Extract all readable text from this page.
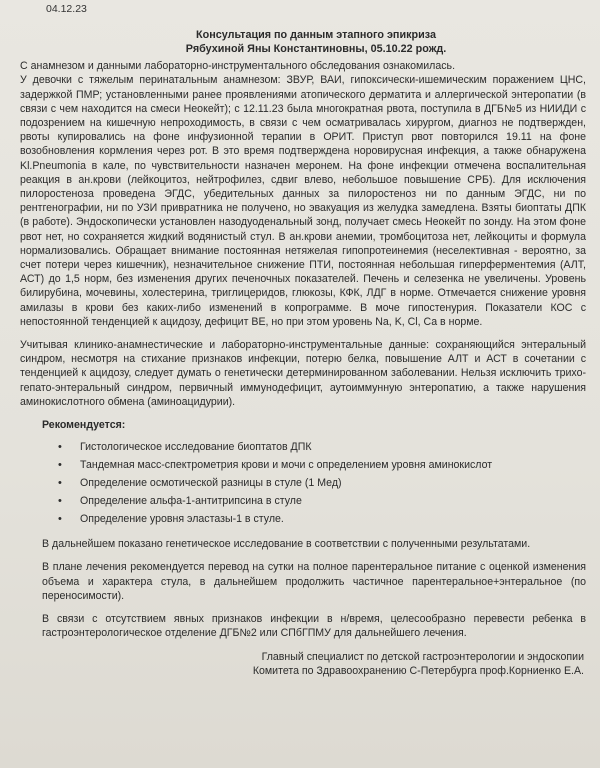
04.12.23

Консультация по данным этапного эпикриза

Рябухиной Яны Константиновны, 05.10.22 рожд.

С анамнезом и данными лабораторно-инструментального обследования ознакомилась.

У девочки с тяжелым перинатальным анамнезом: ЗВУР, ВАИ, гипоксически-ишемическим поражением ЦНС, задержкой ПМР; установленными ранее проявлениями атопического дерматита и аллергической энтеропатии (в связи с чем находится на смеси Неокейт); с 12.11.23 была многократная рвота, поступила в ДГБ№5 из НИИДИ с подозрением на кишечную непроходимость, в связи с чем осматривалась хирургом, диагноз не подтвержден, рвоты купировались на фоне инфузионной терапии в ОРИТ. Приступ рвот повторился 19.11 на фоне возобновления кормления через рот. В это время подтверждена норовирусная инфекция, а также обнаружена Kl.Pneumonia в кале, по чувствительности назначен меронем. На фоне инфекции отмечена воспалительная реакция в ан.крови (лейкоцитоз, нейтрофилез, сдвиг влево, небольшое повышение СРБ). Для исключения пилоростеноза проведена ЭГДС, убедительных данных за пилоростеноз ни по данным ЭГДС, ни по рентгенографии, ни по УЗИ привратника не получено, но эвакуация из желудка замедлена. Взяты биоптаты ДПК (в работе). Эндоскопически установлен назодуоденальный зонд, получает смесь Неокейт по зонду. На этом фоне рвот нет, но сохраняется жидкий водянистый стул. В ан.крови анемии, тромбоцитоза нет, лейкоциты и формула нормализовались. Обращает внимание постоянная нетяжелая гипопротеинемия (неселективная - вероятно, за счет потери через кишечник), незначительное снижение ПТИ, постоянная небольшая гиперферментемия (АЛТ, АСТ) до 1,5 норм, без изменения других печеночных показателей. Печень и селезенка не увеличены. Уровень билирубина, мочевины, холестерина, триглицеридов, глюкозы, КФК, ЛДГ в норме. Отмечается снижение уровня амилазы в крови без каких-либо изменений в копрограмме. В моче гипостенурия. Показатели КОС с непостоянной тенденцией к ацидозу, дефицит ВЕ, но при этом уровень Na, K, Cl, Ca в норме.

Учитывая клинико-анамнестические и лабораторно-инструментальные данные: сохраняющийся энтеральный синдром, несмотря на стихание признаков инфекции, потерю белка, повышение АЛТ и АСТ в сочетании с тенденцией к ацидозу, следует думать о генетически детерминированном заболевании. Нельзя исключить трихо-гепато-энтеральный синдром, первичный иммунодефицит, аутоиммунную энтеропатию, а также нарушения аминокислотного обмена (аминоацидурии).

Рекомендуется:
• Гистологическое исследование биоптатов ДПК
• Тандемная масс-спектрометрия крови и мочи с определением уровня аминокислот
• Определение осмотической разницы в стуле (1 Мед)
• Определение альфа-1-антитрипсина в стуле
• Определение уровня эластазы-1 в стуле.

В дальнейшем показано генетическое исследование в соответствии с полученными результатами.

В плане лечения рекомендуется перевод на сутки на полное парентеральное питание с оценкой изменения объема и характера стула, в дальнейшем продолжить частичное парентеральное+энтеральное (по переносимости).

В связи с отсутствием явных признаков инфекции в н/время, целесообразно перевести ребенка в гастроэнтерологическое отделение ДГБ№2 или СПбГПМУ для дальнейшего лечения.

Главный специалист по детской гастроэнтерологии и эндоскопии
Комитета по Здравоохранению С-Петербурга проф.Корниенко Е.А.
